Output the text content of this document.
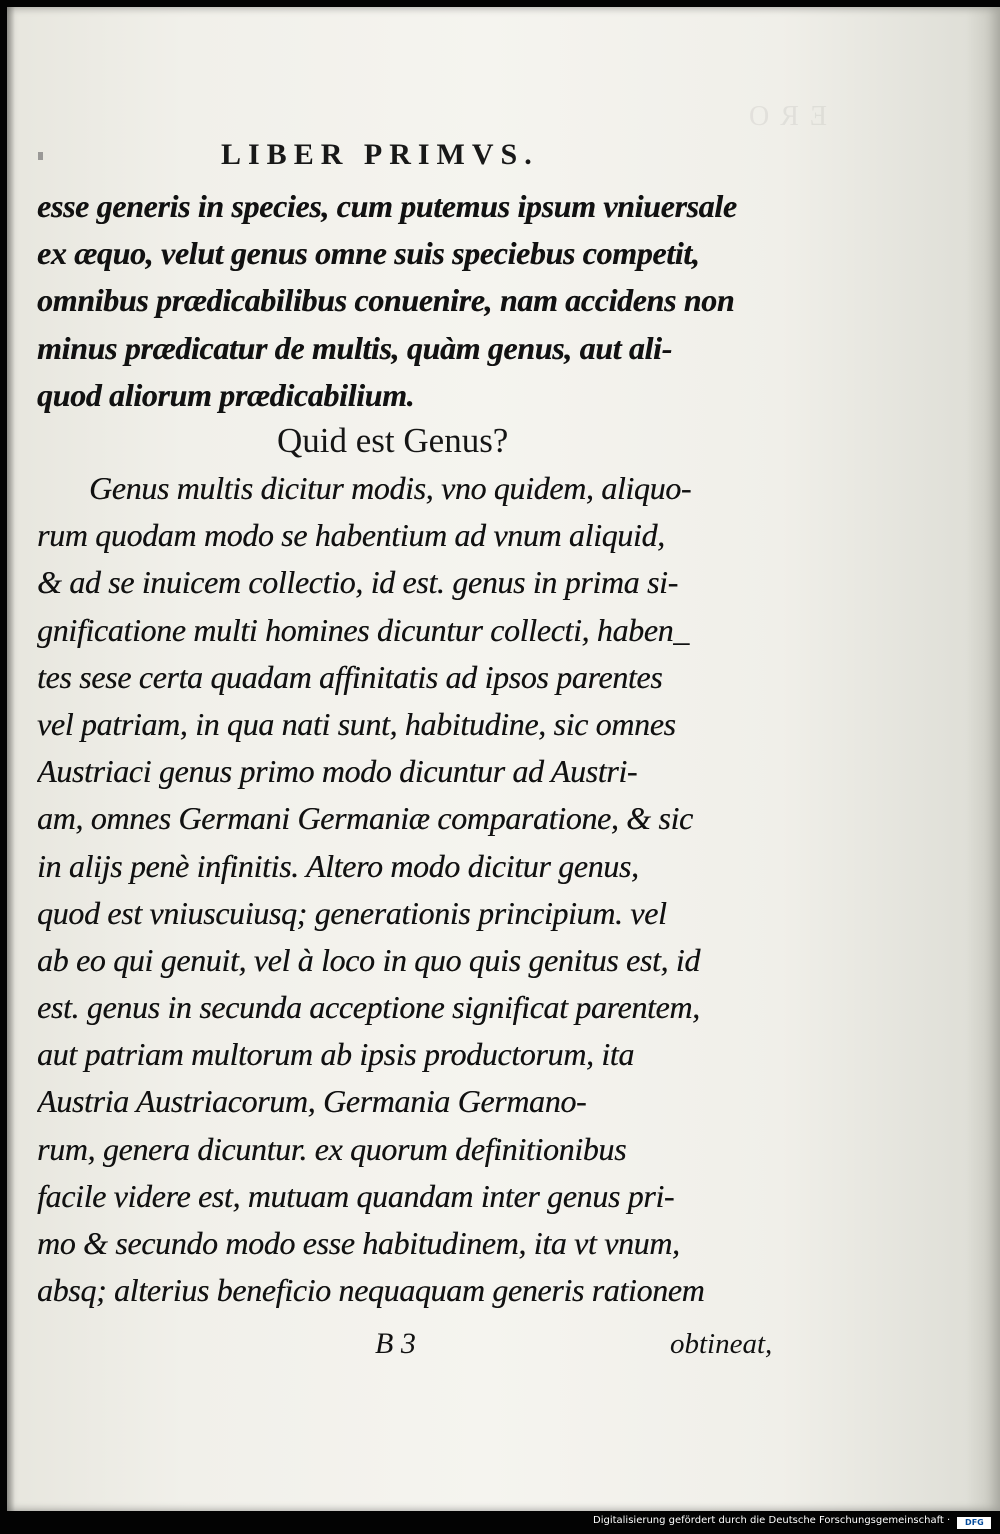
ERO
LIBER PRIMVS.
esse generis in species, cum putemus ipsum vniuersale
ex æquo, velut genus omne suis speciebus competit,
omnibus prædicabilibus conuenire, nam accidens non
minus prædicatur de multis, quàm genus, aut ali-
quod aliorum prædicabilium.
Quid est Genus?
Genus multis dicitur modis, vno quidem, aliquo-
rum quodam modo se habentium ad vnum aliquid,
& ad se inuicem collectio, id est. genus in prima si-
gnificatione multi homines dicuntur collecti, haben_
tes sese certa quadam affinitatis ad ipsos parentes
vel patriam, in qua nati sunt, habitudine, sic omnes
Austriaci genus primo modo dicuntur ad Austri-
am, omnes Germani Germaniæ comparatione, & sic
in alijs penè infinitis. Altero modo dicitur genus,
quod est vniuscuiusq; generationis principium. vel
ab eo qui genuit, vel à loco in quo quis genitus est, id
est. genus in secunda acceptione significat parentem,
aut patriam multorum ab ipsis productorum, ita
Austria Austriacorum, Germania Germano-
rum, genera dicuntur. ex quorum definitionibus
facile videre est, mutuam quandam inter genus pri-
mo & secundo modo esse habitudinem, ita vt vnum,
absq; alterius beneficio nequaquam generis rationem
B 3	obtineat,
Digitalisierung gefördert durch die Deutsche Forschungsgemeinschaft · DFG
